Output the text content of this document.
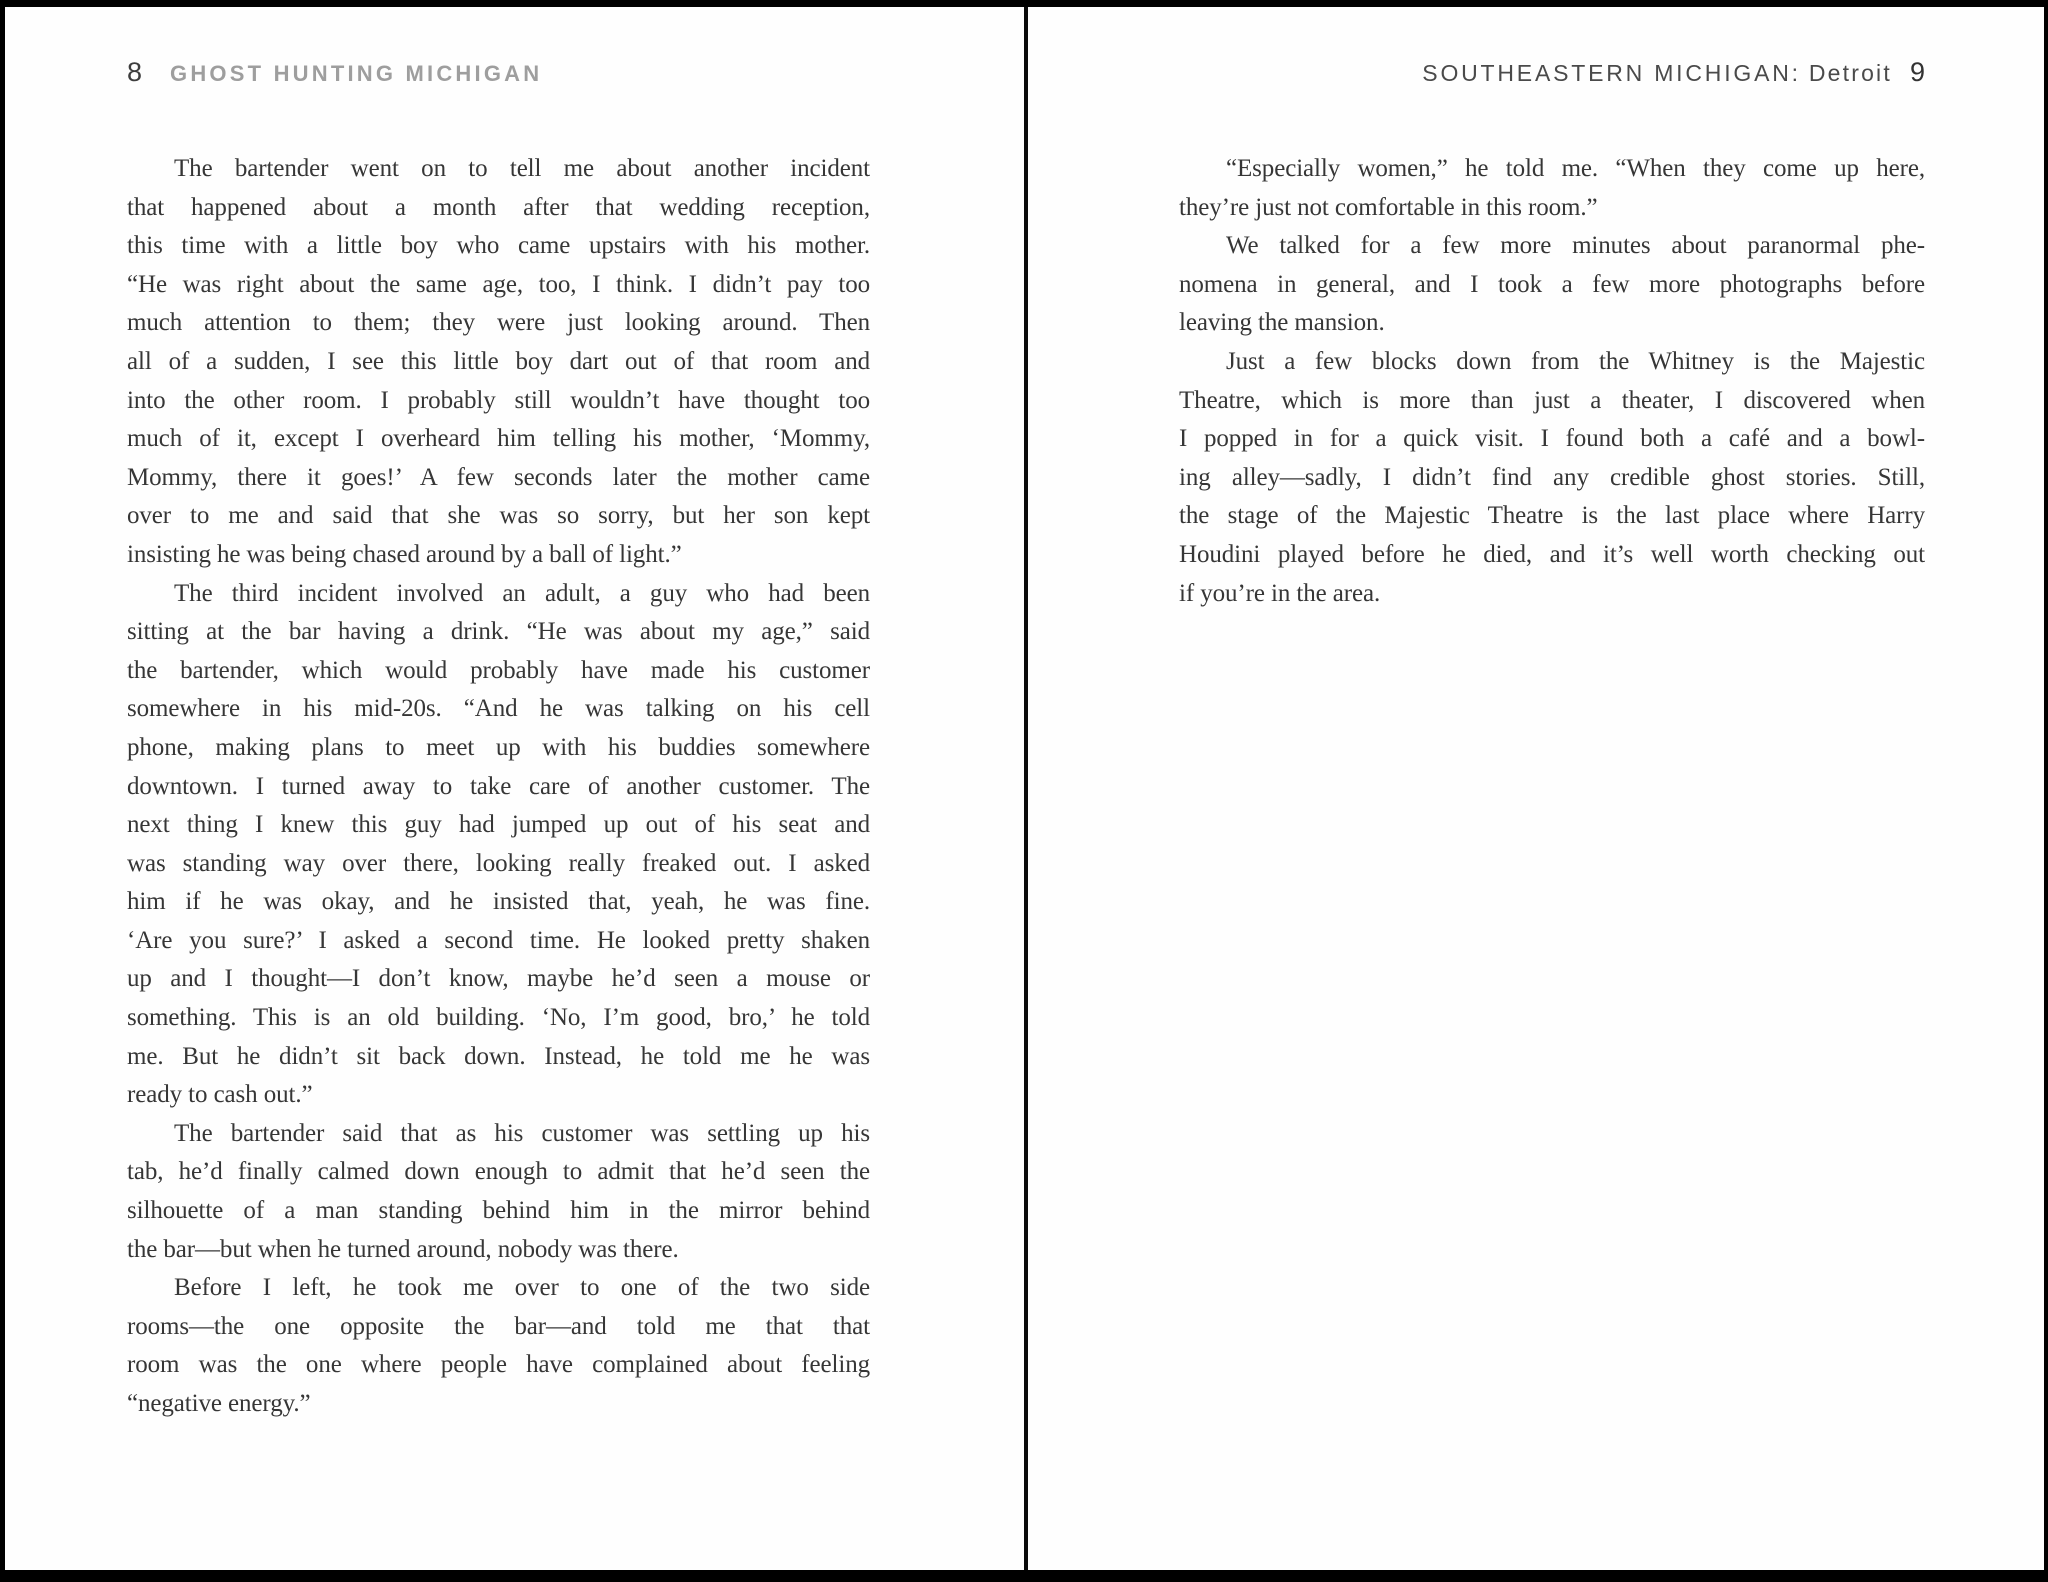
8 GHOST HUNTING MICHIGAN
The bartender went on to tell me about another incident
that happened about a month after that wedding reception,
this time with a little boy who came upstairs with his mother.
“He was right about the same age, too, I think. I didn’t pay too
much attention to them; they were just looking around. Then
all of a sudden, I see this little boy dart out of that room and
into the other room. I probably still wouldn’t have thought too
much of it, except I overheard him telling his mother, ‘Mommy,
Mommy, there it goes!’ A few seconds later the mother came
over to me and said that she was so sorry, but her son kept
insisting he was being chased around by a ball of light.”
The third incident involved an adult, a guy who had been
sitting at the bar having a drink. “He was about my age,” said
the bartender, which would probably have made his customer
somewhere in his mid-20s. “And he was talking on his cell
phone, making plans to meet up with his buddies somewhere
downtown. I turned away to take care of another customer. The
next thing I knew this guy had jumped up out of his seat and
was standing way over there, looking really freaked out. I asked
him if he was okay, and he insisted that, yeah, he was fine.
‘Are you sure?’ I asked a second time. He looked pretty shaken
up and I thought—I don’t know, maybe he’d seen a mouse or
something. This is an old building. ‘No, I’m good, bro,’ he told
me. But he didn’t sit back down. Instead, he told me he was
ready to cash out.”
The bartender said that as his customer was settling up his
tab, he’d finally calmed down enough to admit that he’d seen the
silhouette of a man standing behind him in the mirror behind
the bar—but when he turned around, nobody was there.
Before I left, he took me over to one of the two side
rooms—the one opposite the bar—and told me that that
room was the one where people have complained about feeling
“negative energy.”
SOUTHEASTERN MICHIGAN: Detroit 9
“Especially women,” he told me. “When they come up here,
they’re just not comfortable in this room.”
We talked for a few more minutes about paranormal phe-
nomena in general, and I took a few more photographs before
leaving the mansion.
Just a few blocks down from the Whitney is the Majestic
Theatre, which is more than just a theater, I discovered when
I popped in for a quick visit. I found both a café and a bowl-
ing alley—sadly, I didn’t find any credible ghost stories. Still,
the stage of the Majestic Theatre is the last place where Harry
Houdini played before he died, and it’s well worth checking out
if you’re in the area.
